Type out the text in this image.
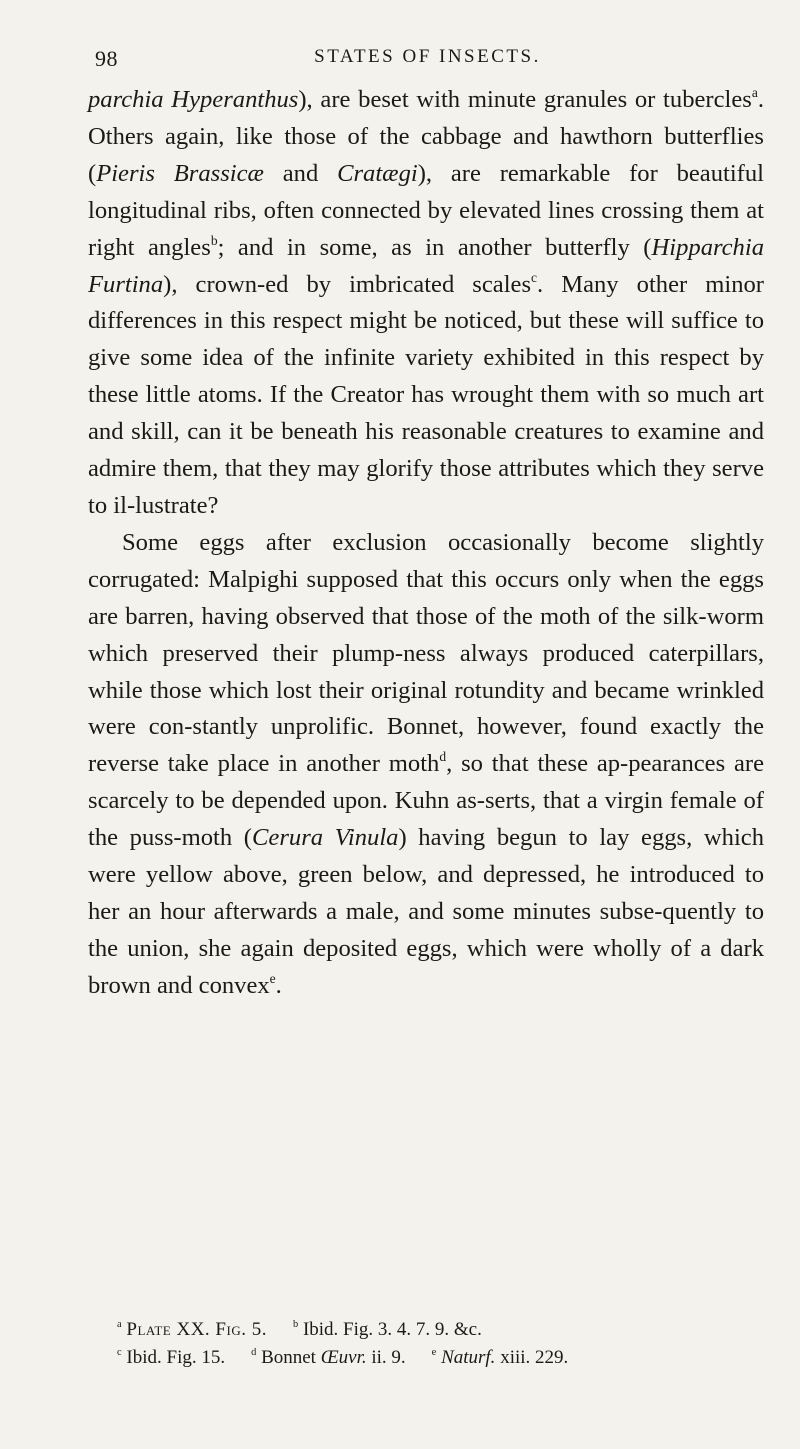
98	STATES OF INSECTS.

parchia Hyperanthus), are beset with minute granules or tubercles$^a$. Others again, like those of the cabbage and hawthorn butterflies (Pieris Brassicæ and Cratægi), are remarkable for beautiful longitudinal ribs, often connected by elevated lines crossing them at right angles$^b$; and in some, as in another butterfly (Hipparchia Furtina), crown-ed by imbricated scales$^c$. Many other minor differences in this respect might be noticed, but these will suffice to give some idea of the infinite variety exhibited in this respect by these little atoms. If the Creator has wrought them with so much art and skill, can it be beneath his reasonable creatures to examine and admire them, that they may glorify those attributes which they serve to il-lustrate?

Some eggs after exclusion occasionally become slightly corrugated: Malpighi supposed that this occurs only when the eggs are barren, having observed that those of the moth of the silk-worm which preserved their plump-ness always produced caterpillars, while those which lost their original rotundity and became wrinkled were con-stantly unprolific. Bonnet, however, found exactly the reverse take place in another moth$^d$, so that these ap-pearances are scarcely to be depended upon. Kuhn as-serts, that a virgin female of the puss-moth (Cerura Vinula) having begun to lay eggs, which were yellow above, green below, and depressed, he introduced to her an hour afterwards a male, and some minutes subse-quently to the union, she again deposited eggs, which were wholly of a dark brown and convex$^e$.

$^a$ Plate XX. Fig. 5. $^b$ Ibid. Fig. 3. 4. 7. 9. &c.
$^c$ Ibid. Fig. 15. $^d$ Bonnet Œuvr. ii. 9. $^e$ Naturf. xiii. 229.
